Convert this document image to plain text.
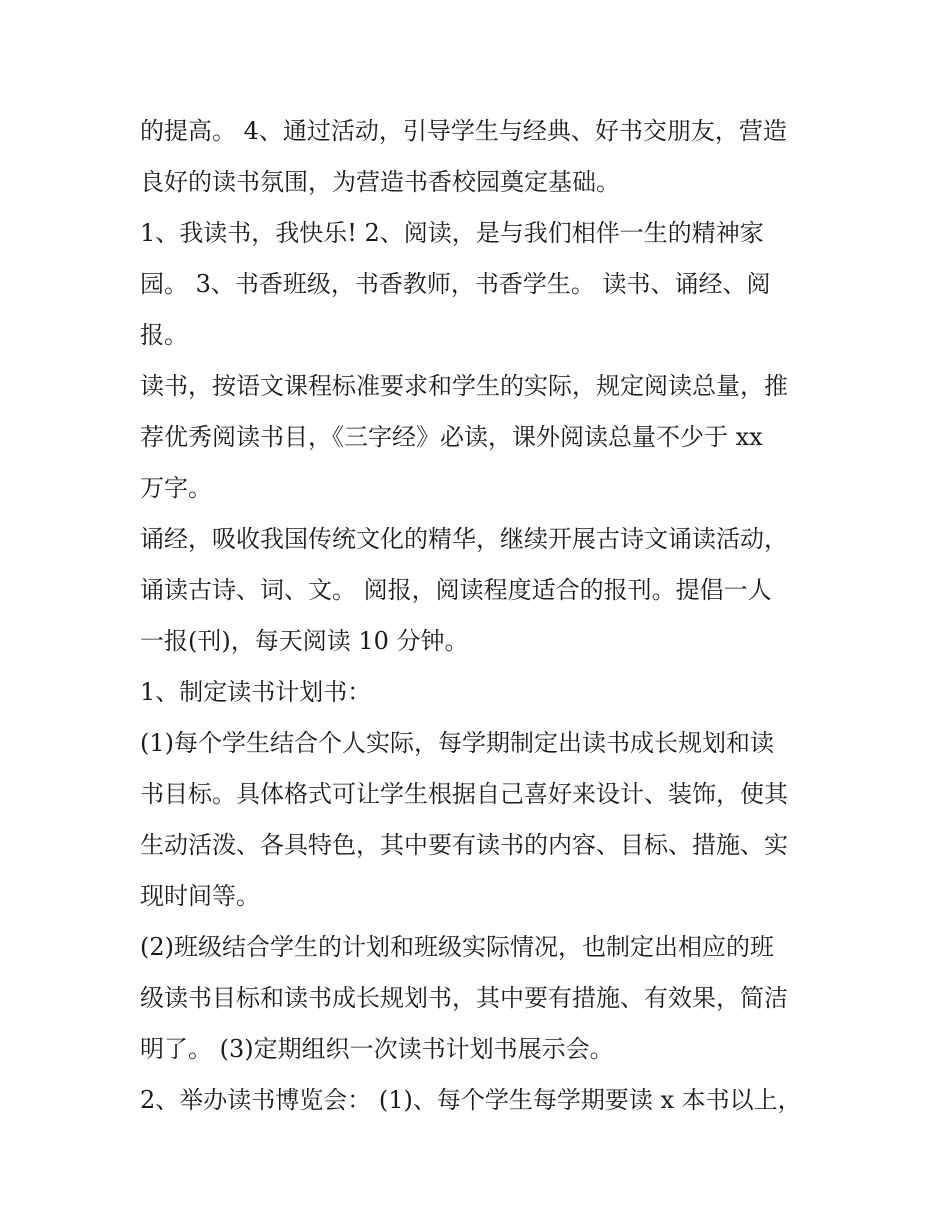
的提高。 4、通过活动，引导学生与经典、好书交朋友，营造
良好的读书氛围，为营造书香校园奠定基础。
1、我读书，我快乐! 2、阅读，是与我们相伴一生的精神家
园。 3、书香班级，书香教师，书香学生。 读书、诵经、阅
报。
读书，按语文课程标准要求和学生的实际，规定阅读总量，推
荐优秀阅读书目，《三字经》必读，课外阅读总量不少于 xx
万字。
诵经，吸收我国传统文化的精华，继续开展古诗文诵读活动，
诵读古诗、词、文。 阅报，阅读程度适合的报刊。提倡一人
一报(刊)，每天阅读 10 分钟。
1、制定读书计划书：
(1)每个学生结合个人实际，每学期制定出读书成长规划和读
书目标。具体格式可让学生根据自己喜好来设计、装饰，使其
生动活泼、各具特色，其中要有读书的内容、目标、措施、实
现时间等。
(2)班级结合学生的计划和班级实际情况，也制定出相应的班
级读书目标和读书成长规划书，其中要有措施、有效果，简洁
明了。 (3)定期组织一次读书计划书展示会。
2、举办读书博览会： (1)、每个学生每学期要读 x 本书以上，
